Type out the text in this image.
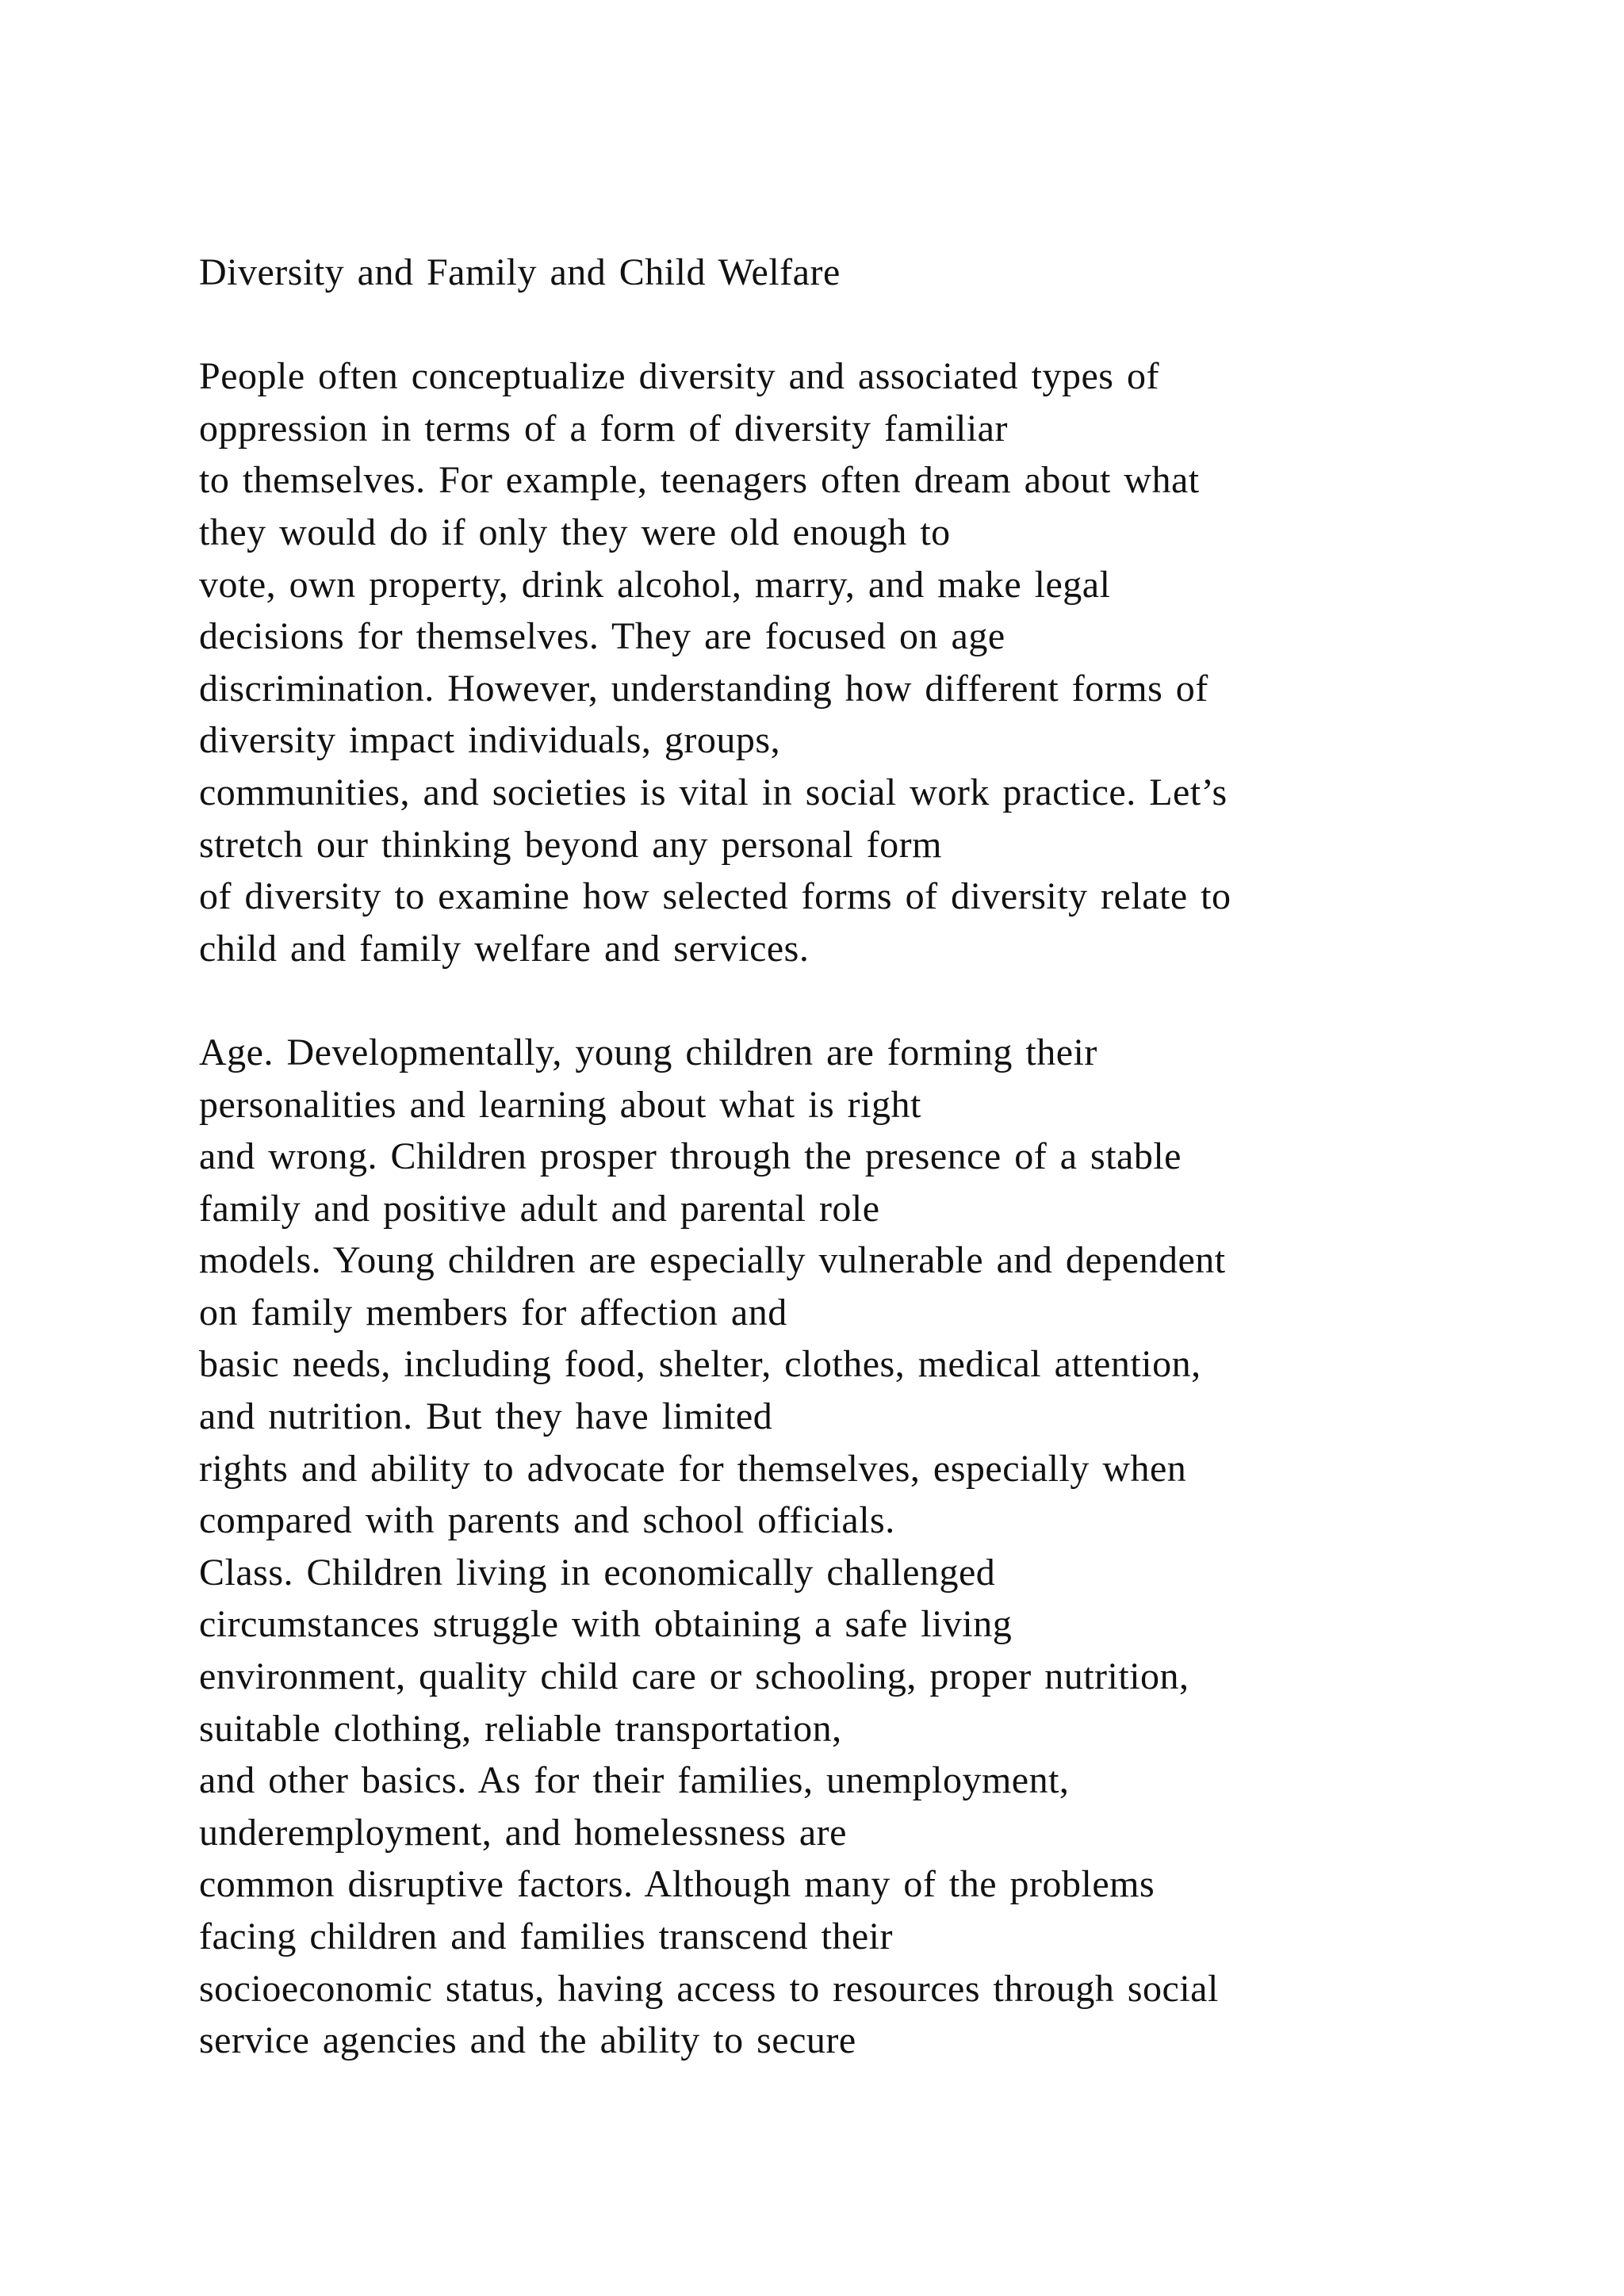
Diversity and Family and Child Welfare
People often conceptualize diversity and associated types of
oppression in terms of a form of diversity familiar
to themselves. For example, teenagers often dream about what
they would do if only they were old enough to
vote, own property, drink alcohol, marry, and make legal
decisions for themselves. They are focused on age
discrimination. However, understanding how different forms of
diversity impact individuals, groups,
communities, and societies is vital in social work practice. Let’s
stretch our thinking beyond any personal form
of diversity to examine how selected forms of diversity relate to
child and family welfare and services.
Age. Developmentally, young children are forming their
personalities and learning about what is right
and wrong. Children prosper through the presence of a stable
family and positive adult and parental role
models. Young children are especially vulnerable and dependent
on family members for affection and
basic needs, including food, shelter, clothes, medical attention,
and nutrition. But they have limited
rights and ability to advocate for themselves, especially when
compared with parents and school officials.
Class. Children living in economically challenged
circumstances struggle with obtaining a safe living
environment, quality child care or schooling, proper nutrition,
suitable clothing, reliable transportation,
and other basics. As for their families, unemployment,
underemployment, and homelessness are
common disruptive factors. Although many of the problems
facing children and families transcend their
socioeconomic status, having access to resources through social
service agencies and the ability to secure
